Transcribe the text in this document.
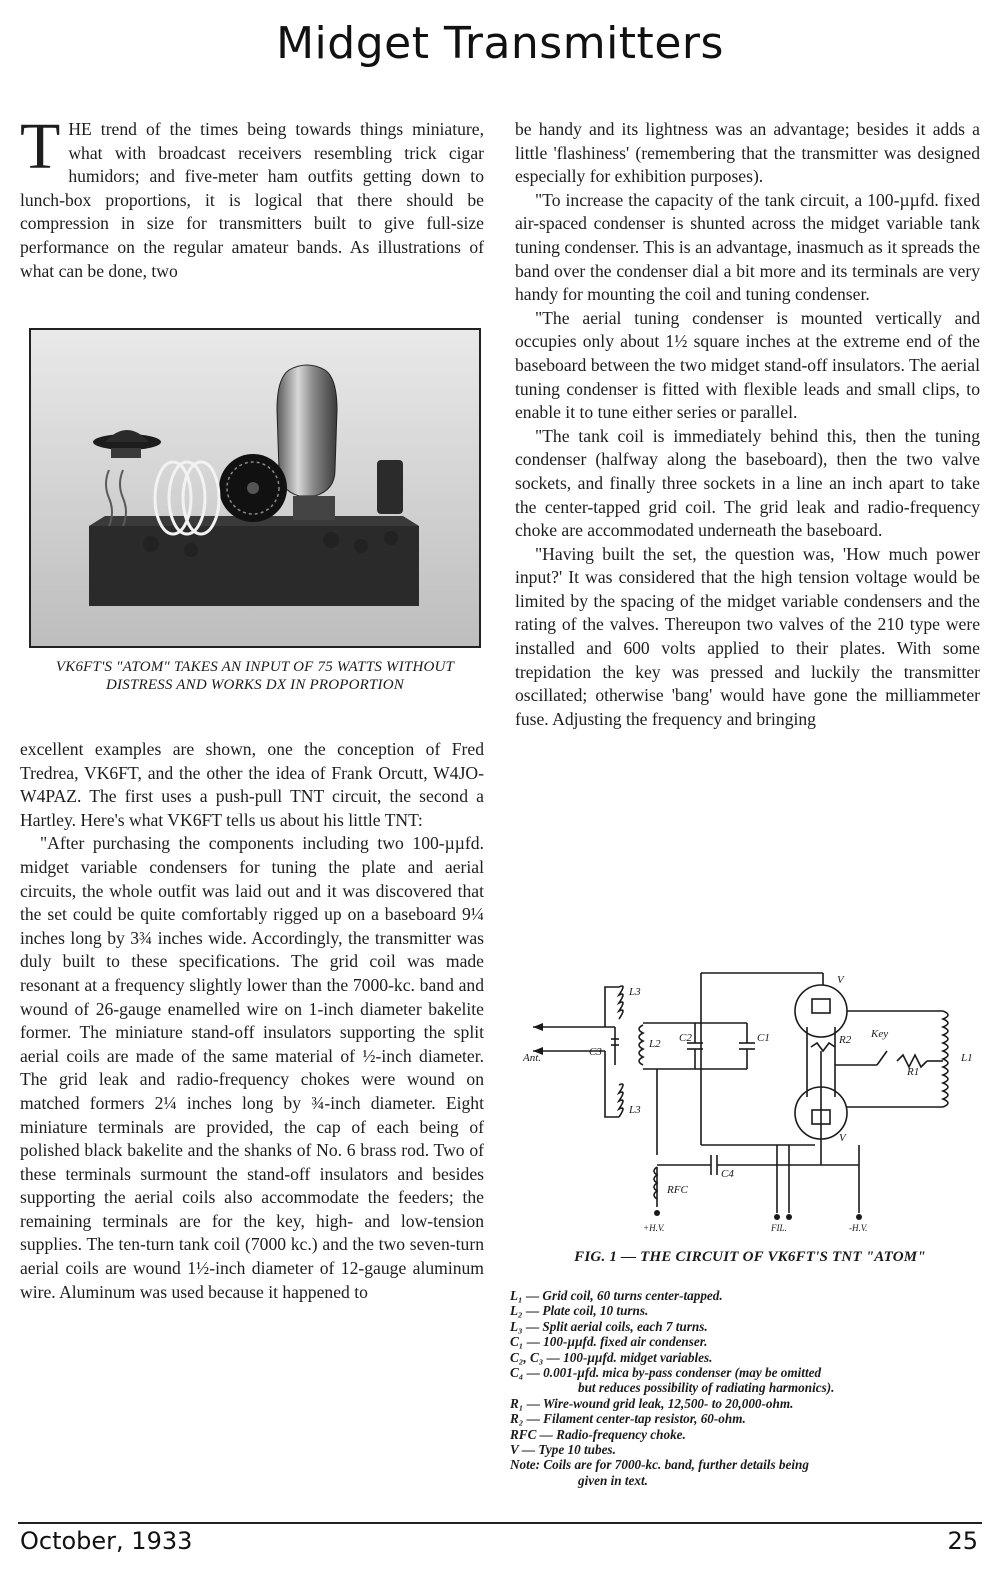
Midget Transmitters

THE trend of the times being towards things miniature, what with broadcast receivers resembling trick cigar humidors; and five-meter ham outfits getting down to lunch-box proportions, it is logical that there should be compression in size for transmitters built to give full-size performance on the regular amateur bands. As illustrations of what can be done, two

VK6FT'S "ATOM" TAKES AN INPUT OF 75 WATTS WITHOUT DISTRESS AND WORKS DX IN PROPORTION

excellent examples are shown, one the conception of Fred Tredrea, VK6FT, and the other the idea of Frank Orcutt, W4JO-W4PAZ. The first uses a push-pull TNT circuit, the second a Hartley. Here's what VK6FT tells us about his little TNT:

"After purchasing the components including two 100-µµfd. midget variable condensers for tuning the plate and aerial circuits, the whole outfit was laid out and it was discovered that the set could be quite comfortably rigged up on a baseboard 9¼ inches long by 3¾ inches wide. Accordingly, the transmitter was duly built to these specifications. The grid coil was made resonant at a frequency slightly lower than the 7000-kc. band and wound of 26-gauge enamelled wire on 1-inch diameter bakelite former. The miniature stand-off insulators supporting the split aerial coils are made of the same material of ½-inch diameter. The grid leak and radio-frequency chokes were wound on matched formers 2¼ inches long by ¾-inch diameter. Eight miniature terminals are provided, the cap of each being of polished black bakelite and the shanks of No. 6 brass rod. Two of these terminals surmount the stand-off insulators and besides supporting the aerial coils also accommodate the feeders; the remaining terminals are for the key, high- and low-tension supplies. The ten-turn tank coil (7000 kc.) and the two seven-turn aerial coils are wound 1½-inch diameter of 12-gauge aluminum wire. Aluminum was used because it happened to

be handy and its lightness was an advantage; besides it adds a little 'flashiness' (remembering that the transmitter was designed especially for exhibition purposes).

"To increase the capacity of the tank circuit, a 100-µµfd. fixed air-spaced condenser is shunted across the midget variable tank tuning condenser. This is an advantage, inasmuch as it spreads the band over the condenser dial a bit more and its terminals are very handy for mounting the coil and tuning condenser.

"The aerial tuning condenser is mounted vertically and occupies only about 1½ square inches at the extreme end of the baseboard between the two midget stand-off insulators. The aerial tuning condenser is fitted with flexible leads and small clips, to enable it to tune either series or parallel.

"The tank coil is immediately behind this, then the tuning condenser (halfway along the baseboard), then the two valve sockets, and finally three sockets in a line an inch apart to take the center-tapped grid coil. The grid leak and radio-frequency choke are accommodated underneath the baseboard.

"Having built the set, the question was, 'How much power input?' It was considered that the high tension voltage would be limited by the spacing of the midget variable condensers and the rating of the valves. Thereupon two valves of the 210 type were installed and 600 volts applied to their plates. With some trepidation the key was pressed and luckily the transmitter oscillated; otherwise 'bang' would have gone the milliammeter fuse. Adjusting the frequency and bringing

Ant.
L3
L3
L2
C3
C2	C1	R2 Key
R1
L1
V
V
C4
RFC
+H.V.	FIL.	-H.V.
FIG. 1 — THE CIRCUIT OF VK6FT'S TNT "ATOM"
L₁ — Grid coil, 60 turns center-tapped.
L₂ — Plate coil, 10 turns.
L₃ — Split aerial coils, each 7 turns.
C₁ — 100-µµfd. fixed air condenser.
C₂, C₃ — 100-µµfd. midget variables.
C₄ — 0.001-µfd. mica by-pass condenser (may be omitted
but reduces possibility of radiating harmonics).
R₁ — Wire-wound grid leak, 12,500- to 20,000-ohm.
R₂ — Filament center-tap resistor, 60-ohm.
RFC — Radio-frequency choke.
V — Type 10 tubes.
Note: Coils are for 7000-kc. band, further details being
given in text.
October, 1933	25
